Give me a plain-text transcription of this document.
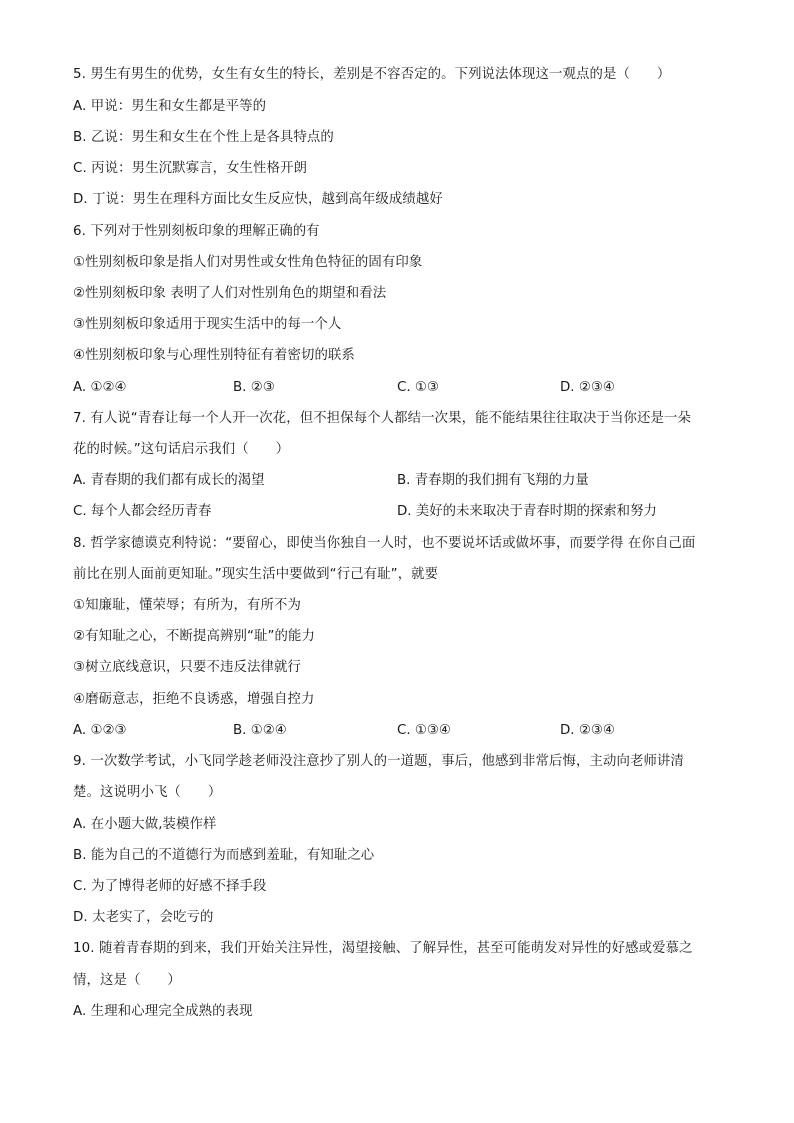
5. 男生有男生的优势，女生有女生的特长，差别是不容否定的。下列说法体现这一观点的是（　　）
A. 甲说：男生和女生都是平等的
B. 乙说：男生和女生在个性上是各具特点的
C. 丙说：男生沉默寡言，女生性格开朗
D. 丁说：男生在理科方面比女生反应快，越到高年级成绩越好
6. 下列对于性别刻板印象的理解正确的有
①性别刻板印象是指人们对男性或女性角色特征的固有印象
②性别刻板印象 表明了人们对性别角色的期望和看法
③性别刻板印象适用于现实生活中的每一个人
④性别刻板印象与心理性别特征有着密切的联系
A. ①②④	B. ②③	C. ①③	D. ②③④
7. 有人说“青春让每一个人开一次花，但不担保每个人都结一次果，能不能结果往往取决于当你还是一朵
花的时候。”这句话启示我们（　　）
A. 青春期的我们都有成长的渴望	B. 青春期的我们拥有飞翔的力量
C. 每个人都会经历青春	D. 美好的未来取决于青春时期的探索和努力
8. 哲学家德谟克利特说：“要留心，即使当你独自一人时，也不要说坏话或做坏事，而要学得 在你自己面
前比在别人面前更知耻。”现实生活中要做到“行己有耻”，就要
①知廉耻，懂荣辱；有所为，有所不为
②有知耻之心，不断提高辨别“耻”的能力
③树立底线意识，只要不违反法律就行
④磨砺意志，拒绝不良诱惑，增强自控力
A. ①②③	B. ①②④	C. ①③④	D. ②③④
9. 一次数学考试，小飞同学趁老师没注意抄了别人的一道题，事后，他感到非常后悔，主动向老师讲清
楚。这说明小飞（　　）
A. 在小题大做,装模作样
B. 能为自己的不道德行为而感到羞耻，有知耻之心
C. 为了博得老师的好感不择手段
D. 太老实了，会吃亏的
10. 随着青春期的到来，我们开始关注异性，渴望接触、了解异性，甚至可能萌发对异性的好感或爱慕之
情，这是（　　）
A. 生理和心理完全成熟的表现
